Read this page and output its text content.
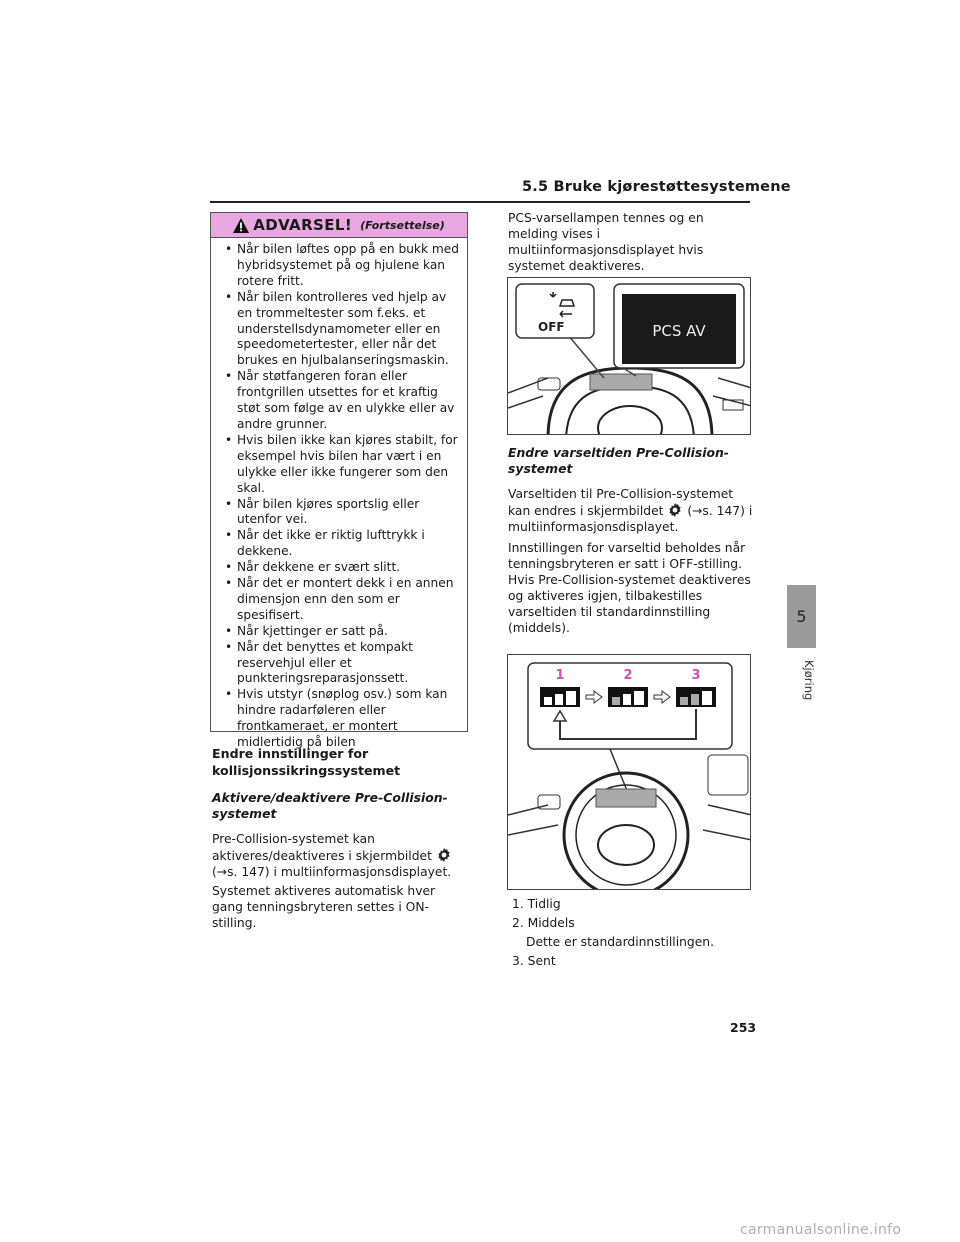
5.5 Bruke kjørestøttesystemene
ADVARSEL! (Fortsettelse)
• Når bilen løftes opp på en bukk med hybridsystemet på og hjulene kan rotere fritt.
• Når bilen kontrolleres ved hjelp av en trommeltester som f.eks. et understellsdynamometer eller en speedometertester, eller når det brukes en hjulbalanseringsmaskin.
• Når støtfangeren foran eller frontgrillen utsettes for et kraftig støt som følge av en ulykke eller av andre grunner.
• Hvis bilen ikke kan kjøres stabilt, for eksempel hvis bilen har vært i en ulykke eller ikke fungerer som den skal.
• Når bilen kjøres sportslig eller utenfor vei.
• Når det ikke er riktig lufttrykk i dekkene.
• Når dekkene er svært slitt.
• Når det er montert dekk i en annen dimensjon enn den som er spesifisert.
• Når kjettinger er satt på.
• Når det benyttes et kompakt reservehjul eller et punkteringsreparasjonssett.
• Hvis utstyr (snøplog osv.) som kan hindre radarføleren eller frontkameraet, er montert midlertidig på bilen
Endre innstillinger for kollisjonssikringssystemet
Aktivere/deaktivere Pre-Collision-systemet
Pre-Collision-systemet kan aktiveres/deaktiveres i skjermbildet  (→s. 147) i multiinformasjonsdisplayet.
Systemet aktiveres automatisk hver gang tenningsbryteren settes i ON-stilling.
PCS-varsellampen tennes og en melding vises i multiinformasjonsdisplayet hvis systemet deaktiveres.
OFF	PCS AV
Endre varseltiden Pre-Collision-systemet
Varseltiden til Pre-Collision-systemet kan endres i skjermbildet (→s. 147) i multiinformasjonsdisplayet.
Innstillingen for varseltid beholdes når tenningsbryteren er satt i OFF-stilling. Hvis Pre-Collision-systemet deaktiveres og aktiveres igjen, tilbakestilles varseltiden til standardinnstilling (middels).
1	2	3
1. Tidlig
2. Middels
Dette er standardinnstillingen.
3. Sent
5
Kjøring
253
carmanualsonline.info
